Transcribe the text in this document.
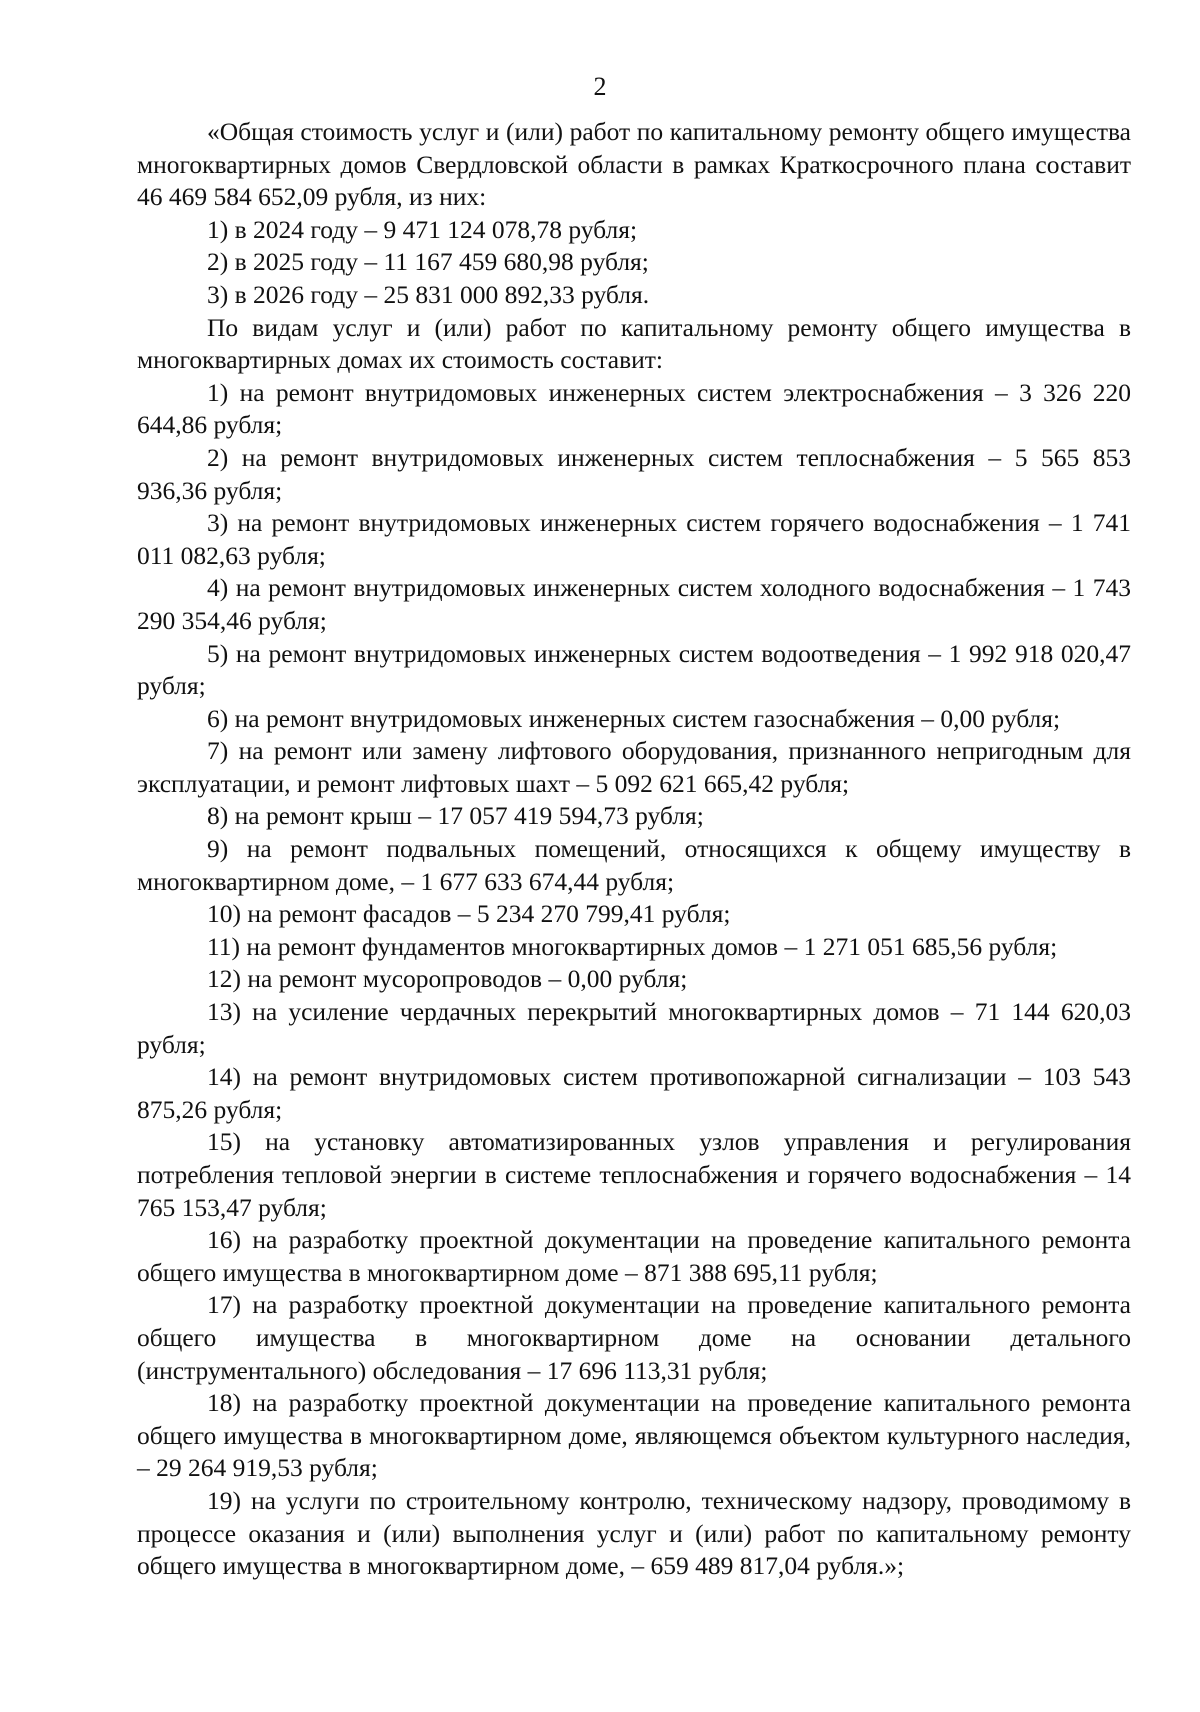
2

«Общая стоимость услуг и (или) работ по капитальному ремонту общего имущества многоквартирных домов Свердловской области в рамках Краткосрочного плана составит 46 469 584 652,09 рубля, из них:

1) в 2024 году – 9 471 124 078,78 рубля;

2) в 2025 году – 11 167 459 680,98 рубля;

3) в 2026 году – 25 831 000 892,33 рубля.

По видам услуг и (или) работ по капитальному ремонту общего имущества в многоквартирных домах их стоимость составит:

1) на ремонт внутридомовых инженерных систем электроснабжения – 3 326 220 644,86 рубля;

2) на ремонт внутридомовых инженерных систем теплоснабжения – 5 565 853 936,36 рубля;

3) на ремонт внутридомовых инженерных систем горячего водоснабжения – 1 741 011 082,63 рубля;

4) на ремонт внутридомовых инженерных систем холодного водоснабжения – 1 743 290 354,46 рубля;

5) на ремонт внутридомовых инженерных систем водоотведения – 1 992 918 020,47 рубля;

6) на ремонт внутридомовых инженерных систем газоснабжения – 0,00 рубля;

7) на ремонт или замену лифтового оборудования, признанного непригодным для эксплуатации, и ремонт лифтовых шахт – 5 092 621 665,42 рубля;

8) на ремонт крыш – 17 057 419 594,73 рубля;

9) на ремонт подвальных помещений, относящихся к общему имуществу в многоквартирном доме, – 1 677 633 674,44 рубля;

10) на ремонт фасадов – 5 234 270 799,41 рубля;

11) на ремонт фундаментов многоквартирных домов – 1 271 051 685,56 рубля;

12) на ремонт мусоропроводов – 0,00 рубля;

13) на усиление чердачных перекрытий многоквартирных домов – 71 144 620,03 рубля;

14) на ремонт внутридомовых систем противопожарной сигнализации – 103 543 875,26 рубля;

15) на установку автоматизированных узлов управления и регулирования потребления тепловой энергии в системе теплоснабжения и горячего водоснабжения – 14 765 153,47 рубля;

16) на разработку проектной документации на проведение капитального ремонта общего имущества в многоквартирном доме – 871 388 695,11 рубля;

17) на разработку проектной документации на проведение капитального ремонта общего имущества в многоквартирном доме на основании детального (инструментального) обследования – 17 696 113,31 рубля;

18) на разработку проектной документации на проведение капитального ремонта общего имущества в многоквартирном доме, являющемся объектом культурного наследия, – 29 264 919,53 рубля;

19) на услуги по строительному контролю, техническому надзору, проводимому в процессе оказания и (или) выполнения услуг и (или) работ по капитальному ремонту общего имущества в многоквартирном доме, – 659 489 817,04 рубля.»;
